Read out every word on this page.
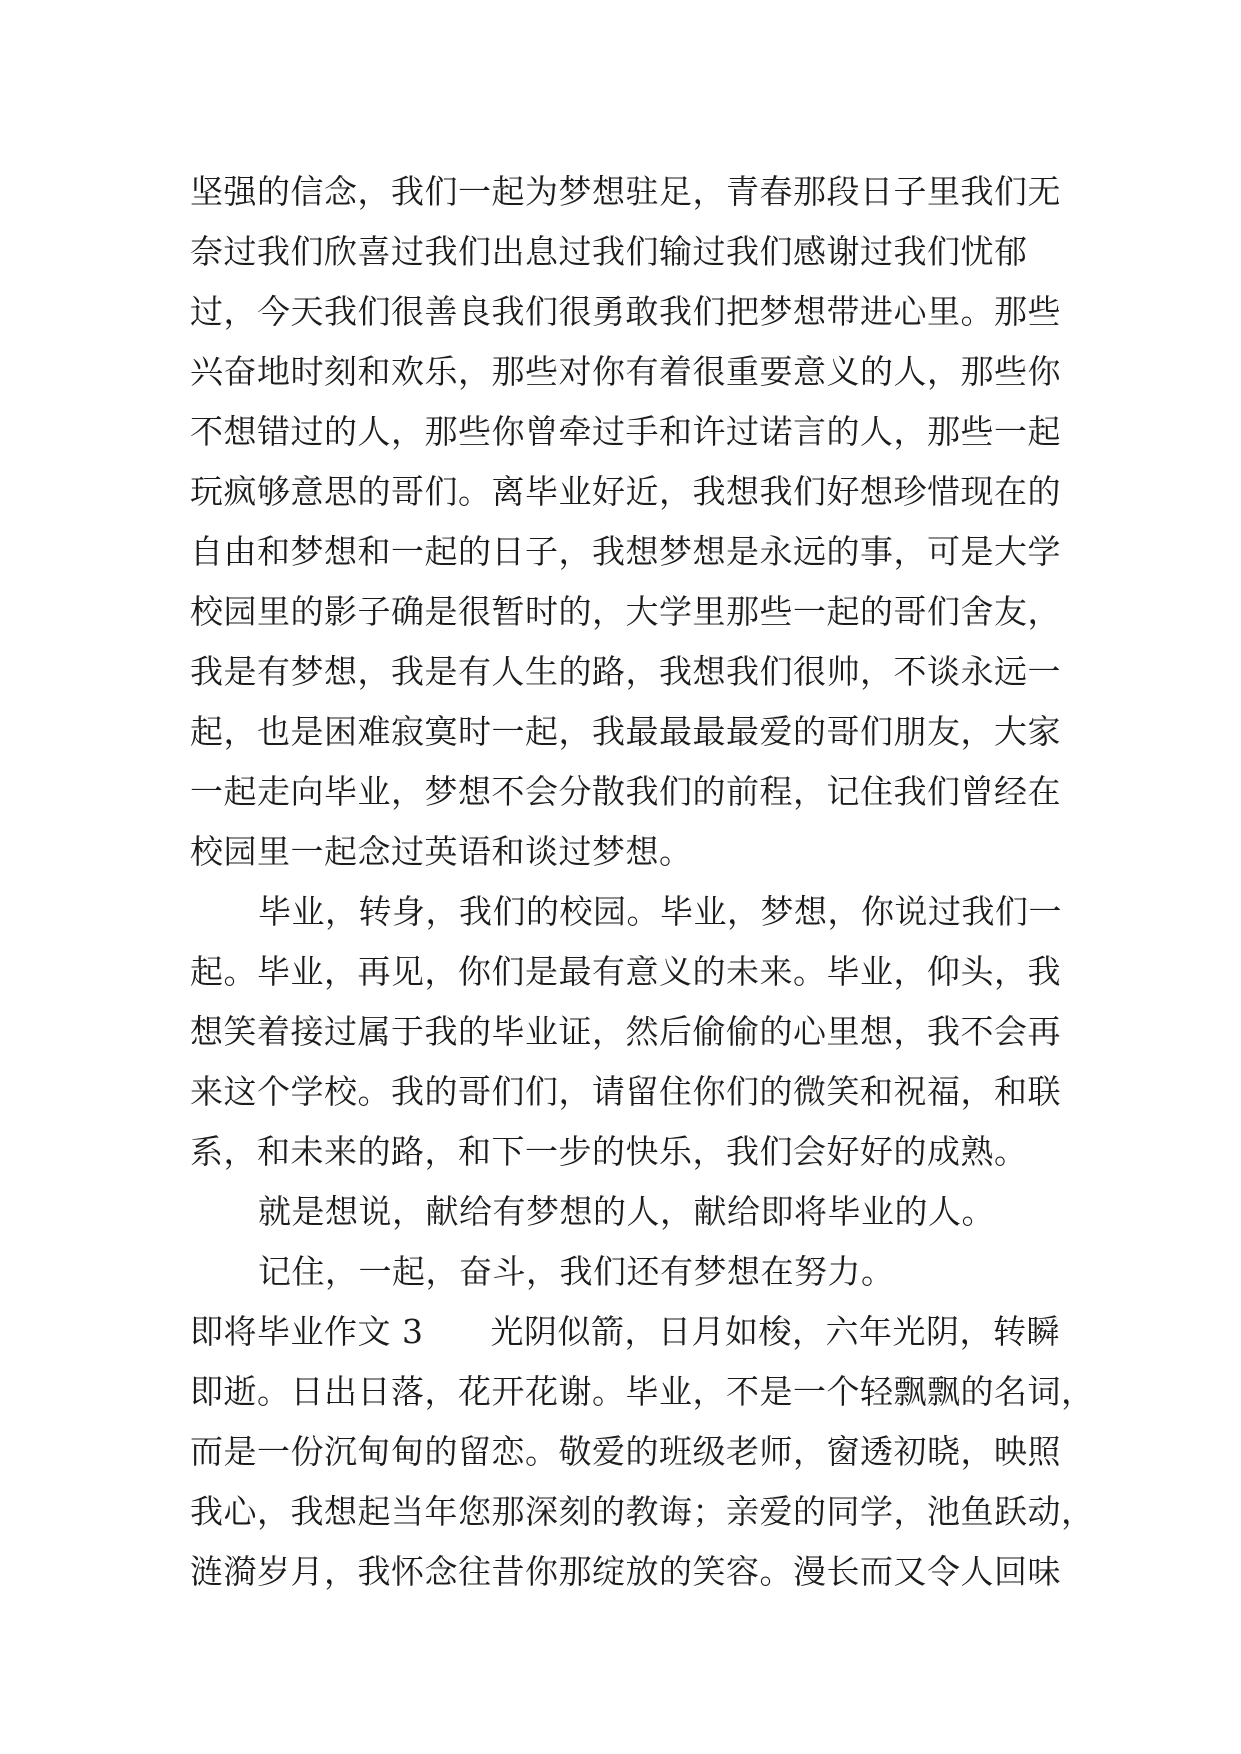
坚强的信念，我们一起为梦想驻足，青春那段日子里我们无
奈过我们欣喜过我们出息过我们输过我们感谢过我们忧郁
过，今天我们很善良我们很勇敢我们把梦想带进心里。那些
兴奋地时刻和欢乐，那些对你有着很重要意义的人，那些你
不想错过的人，那些你曾牵过手和许过诺言的人，那些一起
玩疯够意思的哥们。离毕业好近，我想我们好想珍惜现在的
自由和梦想和一起的日子，我想梦想是永远的事，可是大学
校园里的影子确是很暂时的，大学里那些一起的哥们舍友，
我是有梦想，我是有人生的路，我想我们很帅，不谈永远一
起，也是困难寂寞时一起，我最最最最爱的哥们朋友，大家
一起走向毕业，梦想不会分散我们的前程，记住我们曾经在
校园里一起念过英语和谈过梦想。
毕业，转身，我们的校园。毕业，梦想，你说过我们一
起。毕业，再见，你们是最有意义的未来。毕业，仰头，我
想笑着接过属于我的毕业证，然后偷偷的心里想，我不会再
来这个学校。我的哥们们，请留住你们的微笑和祝福，和联
系，和未来的路，和下一步的快乐，我们会好好的成熟。
就是想说，献给有梦想的人，献给即将毕业的人。
记住，一起，奋斗，我们还有梦想在努力。
即将毕业作文 3　　光阴似箭，日月如梭，六年光阴，转瞬
即逝。日出日落，花开花谢。毕业，不是一个轻飘飘的名词，
而是一份沉甸甸的留恋。敬爱的班级老师，窗透初晓，映照
我心，我想起当年您那深刻的教诲；亲爱的同学，池鱼跃动，
涟漪岁月，我怀念往昔你那绽放的笑容。漫长而又令人回味
